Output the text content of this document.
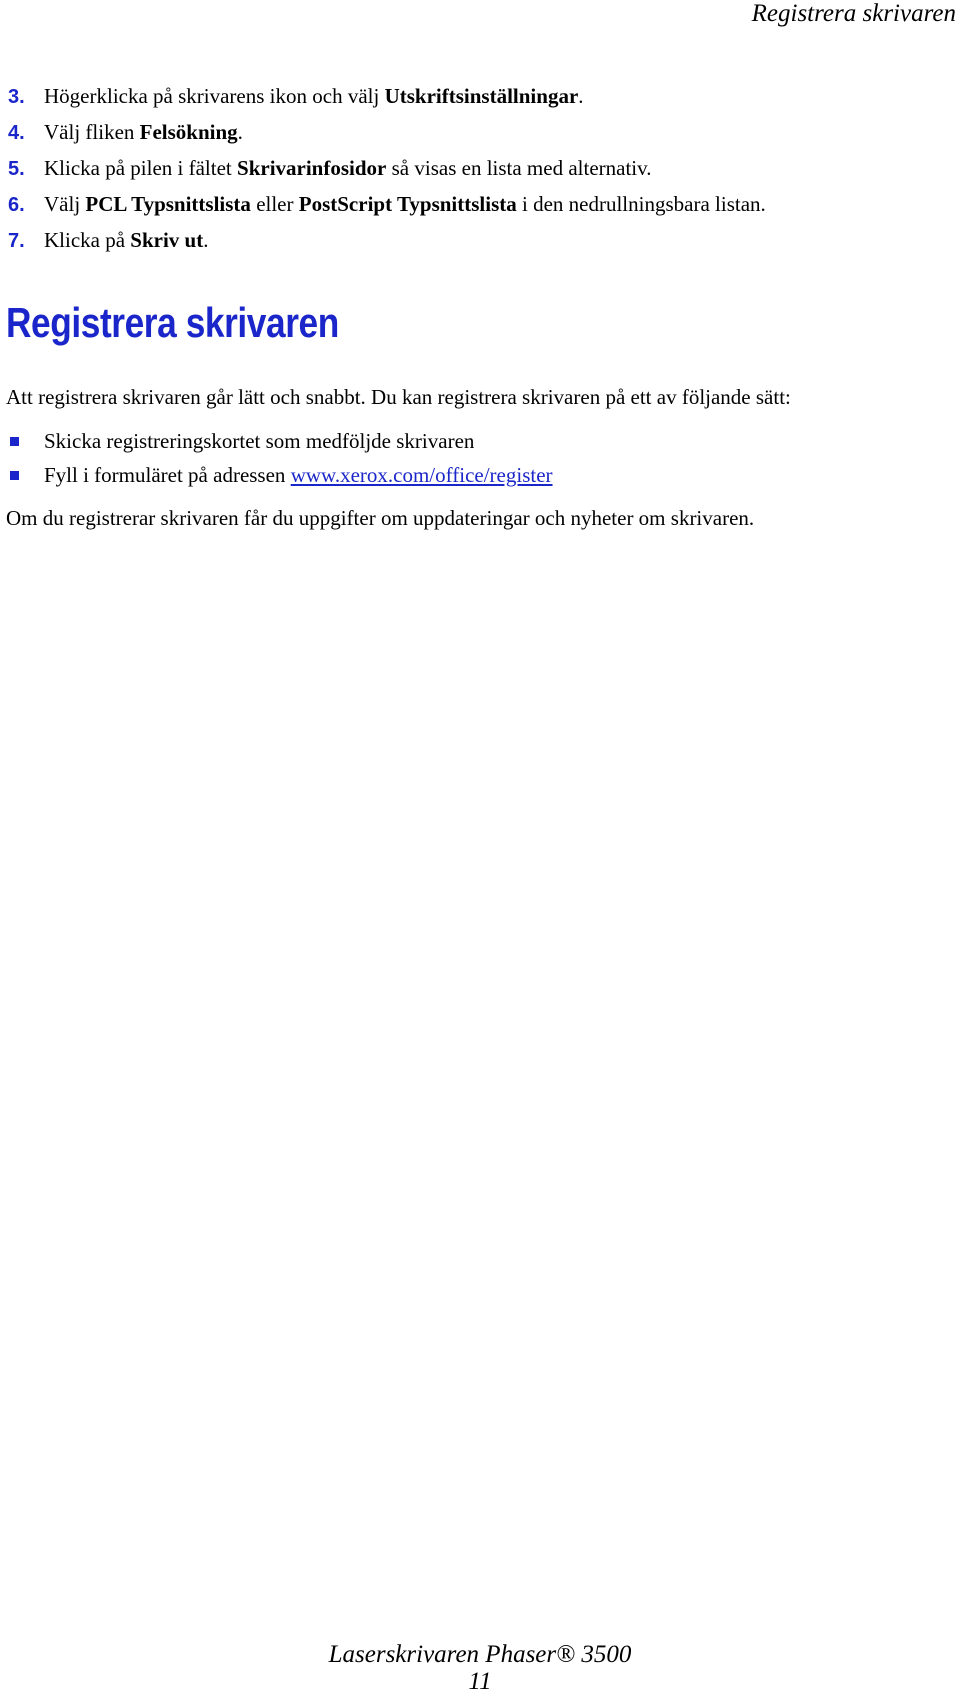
Registrera skrivaren
3. Högerklicka på skrivarens ikon och välj Utskriftsinställningar.
4. Välj fliken Felsökning.
5. Klicka på pilen i fältet Skrivarinfosidor så visas en lista med alternativ.
6. Välj PCL Typsnittslista eller PostScript Typsnittslista i den nedrullningsbara listan.
7. Klicka på Skriv ut.
Registrera skrivaren

Att registrera skrivaren går lätt och snabbt. Du kan registrera skrivaren på ett av följande sätt:

Skicka registreringskortet som medföljde skrivaren
Fyll i formuläret på adressen www.xerox.com/office/register

Om du registrerar skrivaren får du uppgifter om uppdateringar och nyheter om skrivaren.

Laserskrivaren Phaser® 3500
11
